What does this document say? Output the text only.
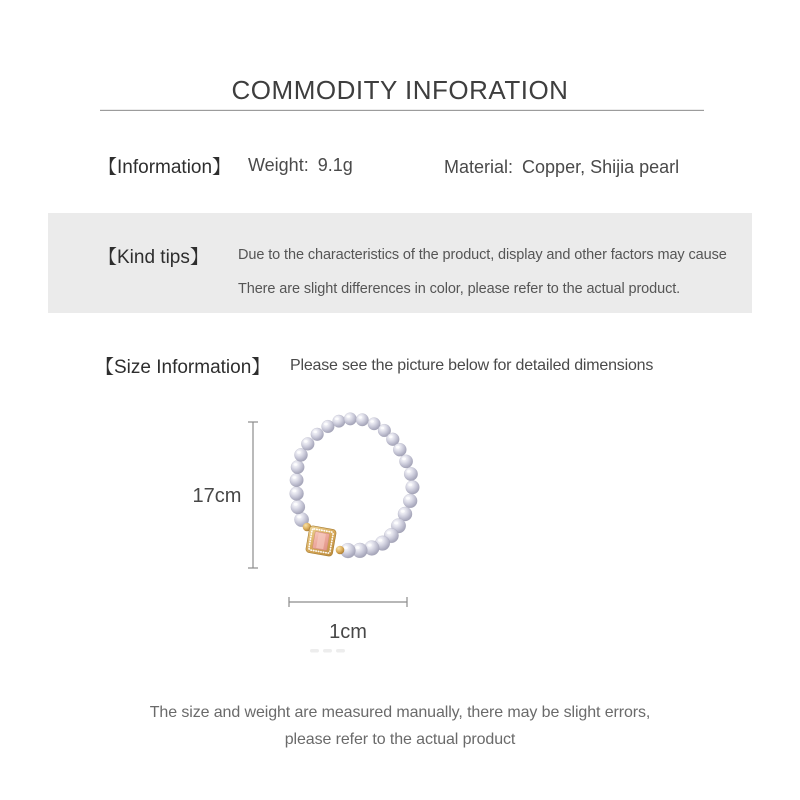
COMMODITY INFORATION
【Information】 Weight: 9.1g	Material: Copper, Shijia pearl
【Kind tips】 Due to the characteristics of the product, display and other factors may cause
There are slight differences in color, please refer to the actual product.
【Size Information】 Please see the picture below for detailed dimensions
17cm
1cm
The size and weight are measured manually, there may be slight errors,
please refer to the actual product
